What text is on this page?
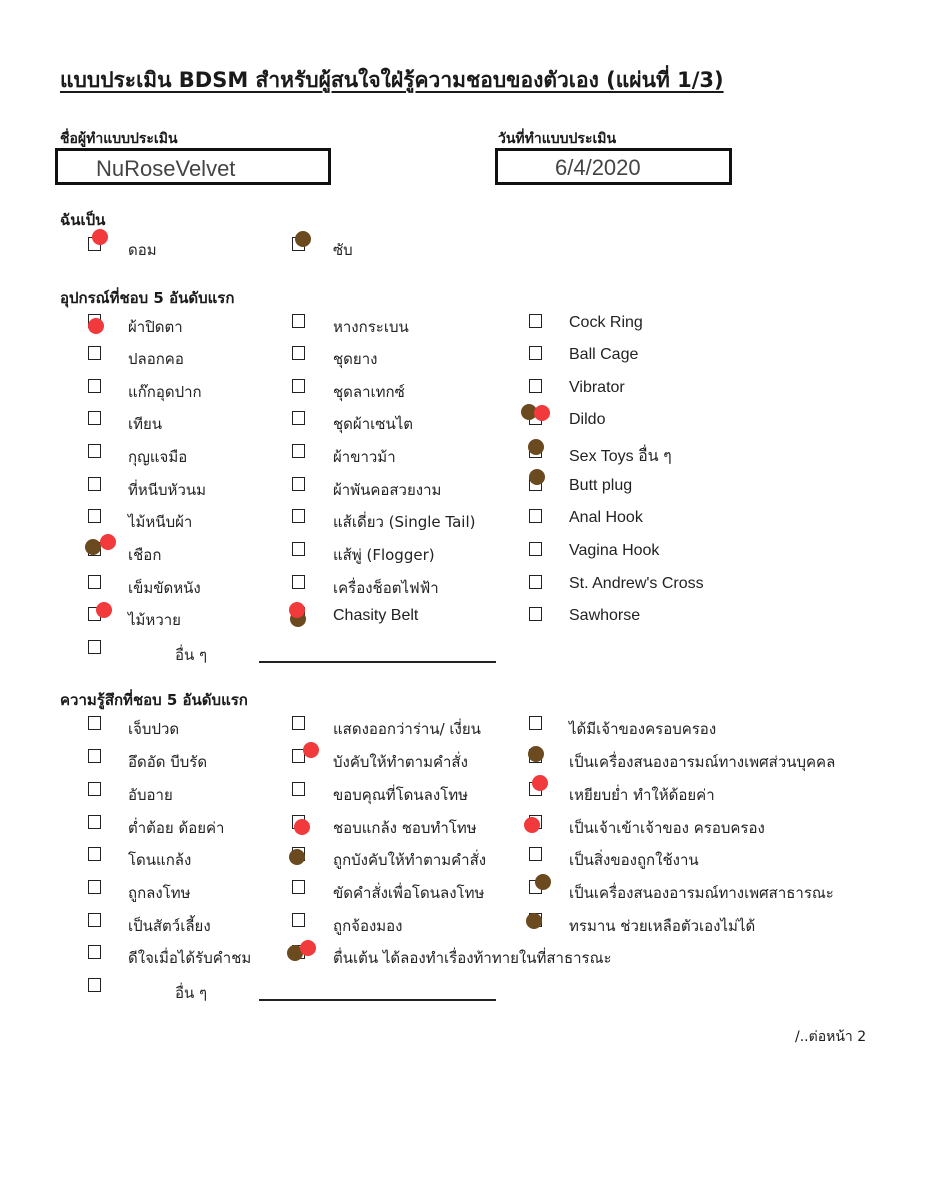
แบบประเมิน BDSM สำหรับผู้สนใจใฝ่รู้ความชอบของตัวเอง (แผ่นที่ 1/3)
ชื่อผู้ทำแบบประเมิน
NuRoseVelvet
วันที่ทำแบบประเมิน
6/4/2020
ฉันเป็น
ดอม	ซับ
อุปกรณ์ที่ชอบ 5 อันดับแรก
ผ้าปิดตา	หางกระเบน	Cock Ring
ปลอกคอ	ชุดยาง	Ball Cage
แก๊กอุดปาก	ชุดลาเทกซ์	Vibrator
เทียน	ชุดผ้าเซนไต	Dildo
กุญแจมือ	ผ้าขาวม้า	Sex Toys อื่น ๆ
ที่หนีบหัวนม	ผ้าพันคอสวยงาม	Butt plug
ไม้หนีบผ้า	แส้เดี่ยว (Single Tail)	Anal Hook
เชือก	แส้พู่ (Flogger)	Vagina Hook
เข็มขัดหนัง	เครื่องช็อตไฟฟ้า	St. Andrew's Cross
ไม้หวาย	Chasity Belt	Sawhorse
อื่น ๆ
ความรู้สึกที่ชอบ 5 อันดับแรก
เจ็บปวด	แสดงออกว่าร่าน/ เงี่ยน	ได้มีเจ้าของครอบครอง
อึดอัด บีบรัด	บังคับให้ทำตามคำสั่ง	เป็นเครื่องสนองอารมณ์ทางเพศส่วนบุคคล
อับอาย	ขอบคุณที่โดนลงโทษ	เหยียบย่ำ ทำให้ด้อยค่า
ต่ำต้อย ด้อยค่า	ชอบแกล้ง ชอบทำโทษ	เป็นเจ้าเข้าเจ้าของ ครอบครอง
โดนแกล้ง	ถูกบังคับให้ทำตามคำสั่ง	เป็นสิ่งของถูกใช้งาน
ถูกลงโทษ	ขัดคำสั่งเพื่อโดนลงโทษ	เป็นเครื่องสนองอารมณ์ทางเพศสาธารณะ
เป็นสัตว์เลี้ยง	ถูกจ้องมอง	ทรมาน ช่วยเหลือตัวเองไม่ได้
ดีใจเมื่อได้รับคำชม	ตื่นเต้น ได้ลองทำเรื่องท้าทายในที่สาธารณะ
อื่น ๆ
/..ต่อหน้า 2
